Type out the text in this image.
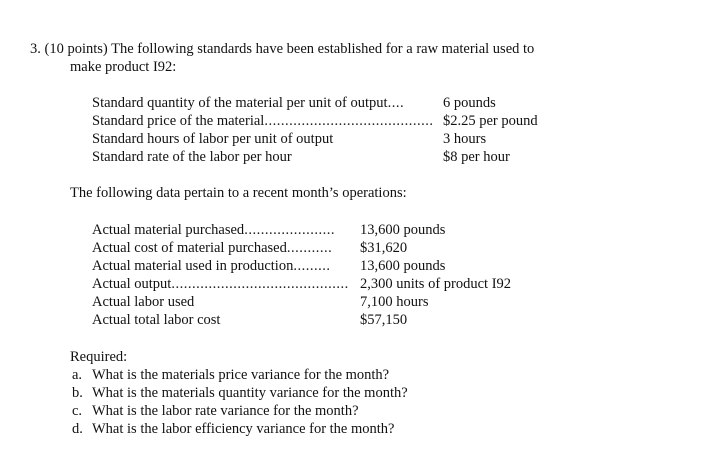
3. (10 points) The following standards have been established for a raw material used to
make product I92:
Standard quantity of the material per unit of output ....	6 pounds
Standard price of the material ......................................... $2.25 per pound
Standard hours of labor per unit of output	3 hours
Standard rate of the labor per hour	$8 per hour
The following data pertain to a recent month’s operations:
Actual material purchased ...................... 13,600 pounds
Actual cost of material purchased ........... $31,620
Actual material used in production ......... 13,600 pounds
Actual output ........................................... 2,300 units of product I92
Actual labor used	7,100 hours
Actual total labor cost	$57,150
Required:
a. What is the materials price variance for the month?
b. What is the materials quantity variance for the month?
c. What is the labor rate variance for the month?
d. What is the labor efficiency variance for the month?
